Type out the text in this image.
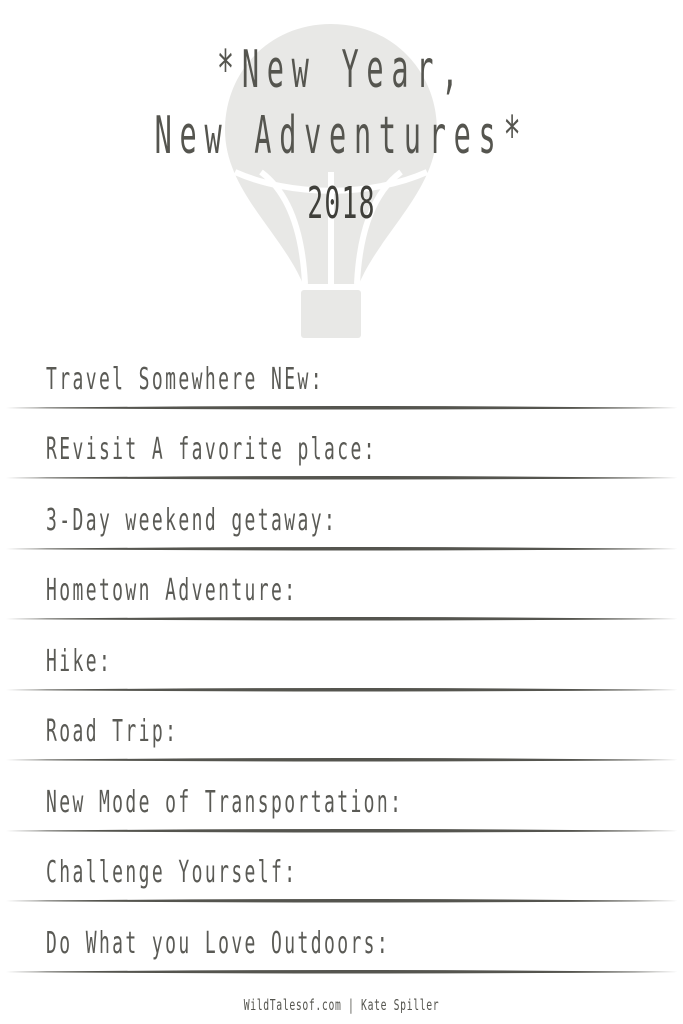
*New Year,
New Adventures*
2018
Travel Somewhere NEw:
REvisit A favorite place:
3-Day weekend getaway:
Hometown Adventure:
Hike:
Road Trip:
New Mode of Transportation:
Challenge Yourself:
Do What you Love Outdoors:
WildTalesof.com | Kate Spiller
